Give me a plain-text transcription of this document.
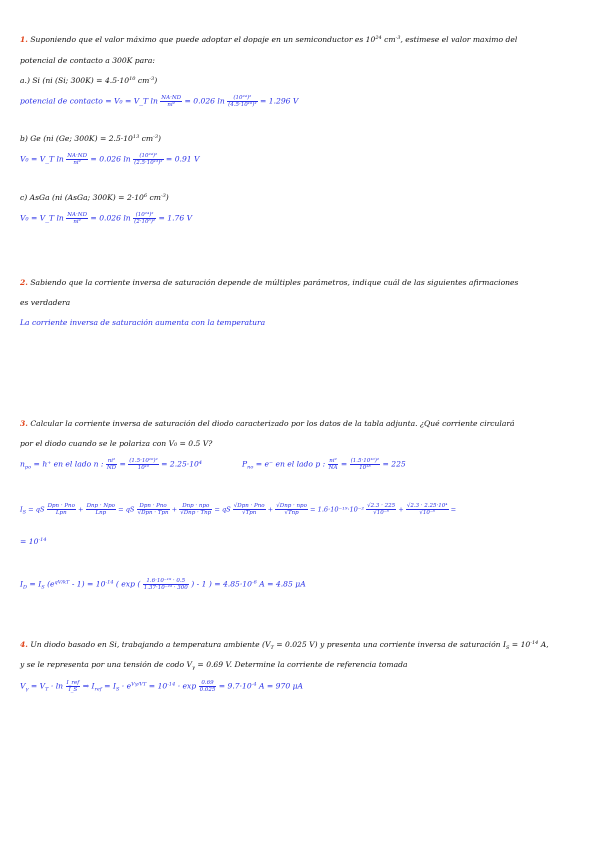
1. Suponiendo que el valor máximo que puede adoptar el dopaje en un semiconductor es $10^{24}$ $cm^{-3}$, estimese el valor maximo del
potencial de contacto a 300K para:
a.) Si (ni (Si; $300K) = 4.5\cdot 10^{10}$ $cm^{-3}$)
potencial de contacto = V₀ = V_T $\ln \frac{NA\cdot ND}{\text{ni²}} = 0.026$ $\ln \frac{\text{(10²⁴)²}}{\text{(4.5·10¹⁰)²}} = 1.296$ V
b) Ge (ni (Ge; $300K) = 2.5\cdot 10^{13}$ $cm^{-3}$)
V₀ = V_T $\ln \frac{NA\cdot ND}{\text{ni²}} = 0.026$ $\ln \frac{\text{(10²⁴)²}}{\text{(2.5·10¹³)²}} = 0.91$ V
c) AsGa (ni (AsGa; $300K) = 2\cdot 10^6$ $cm^{-3}$)
V₀ = V_T $\ln \frac{NA\cdot ND}{\text{ni²}} = 0.026$ $\ln \frac{\text{(10²⁴)²}}{\text{(2·10⁶)²}} = 1.76$ V
2. Sabiendo que la corriente inversa de saturación depende de múltiples parámetros, indique cuál de las siguientes afirmaciones
es verdadera
La corriente inversa de saturación aumenta con la temperatura
3. Calcular la corriente inversa de saturación del diodo caracterizado por los datos de la tabla adjunta. ¿Qué corriente circulará
por el diodo cuando se le polariza con V₀ = 0.5 V?
$n_{po} = h^+$ en el lado n : $\frac{\text{ni²}}{ND} = \frac{\text{(1.5·10¹⁰)²}}{\text{10¹⁶}} = 2.25\cdot 10^4$	$P_{no} = e^-$ en el lado p : $\frac{\text{ni²}}{NA} = \frac{\text{(1.5·10¹⁰)²}}{\text{10¹⁸}} = 225$
$I_S$ = qS $\frac{\text{Dpn · Pno}}{\text{Lpn}} + \frac{\text{Dnp · Npo}}{\text{Lnp}}$ = qS $\frac{\text{Dpn · Pno}}{\text{√Dpn · Tpn}} + \frac{\text{Dnp · npo}}{\text{√Dnp · Tnp}}$ = qS $\frac{\text{√Dpn · Pno}}{\text{√Tpn}} + \frac{\text{√Dnp · npo}}{\text{√Tnp}} = 1.6\cdot 10^{-19}\cdot 10^{-2} \frac{√2.3 \cdot 225}{\text{√10⁻⁶}} + \frac{\text{√2.3 · 2.25·10⁴}}{\text{√10⁻⁶}}$ =
= $10^{-14}$
$I_D = I_S$ $(e^{qV/kT} - 1) = 10^{-14}$ ( exp ( $\frac{\text{1.6·10⁻¹⁹ · 0.5}}{\text{1.37·10⁻²³ · 300}}$ ) - 1 ) = $4.85\cdot 10^{-6}$ A = 4.85 μA
4. Un diodo basado en Si, trabajando a temperatura ambiente ($V_T = 0.025$ V) y presenta una corriente inversa de saturación $I_S = 10^{-14}$ A,
y se le representa por una tensión de codo $V_\gamma = 0.69$ V. Determine la corriente de referencia tomada
$V_\gamma = V_T \cdot \ln \frac{\text{I\_ref}}{I\_S}$ ⇒ $I_{ref} = I_S \cdot e^{V\gamma/VT} = 10^{-14} \cdot \exp \frac{0.69}{0.025} = 9.7\cdot 10^{-4}$ A = 970 μA
